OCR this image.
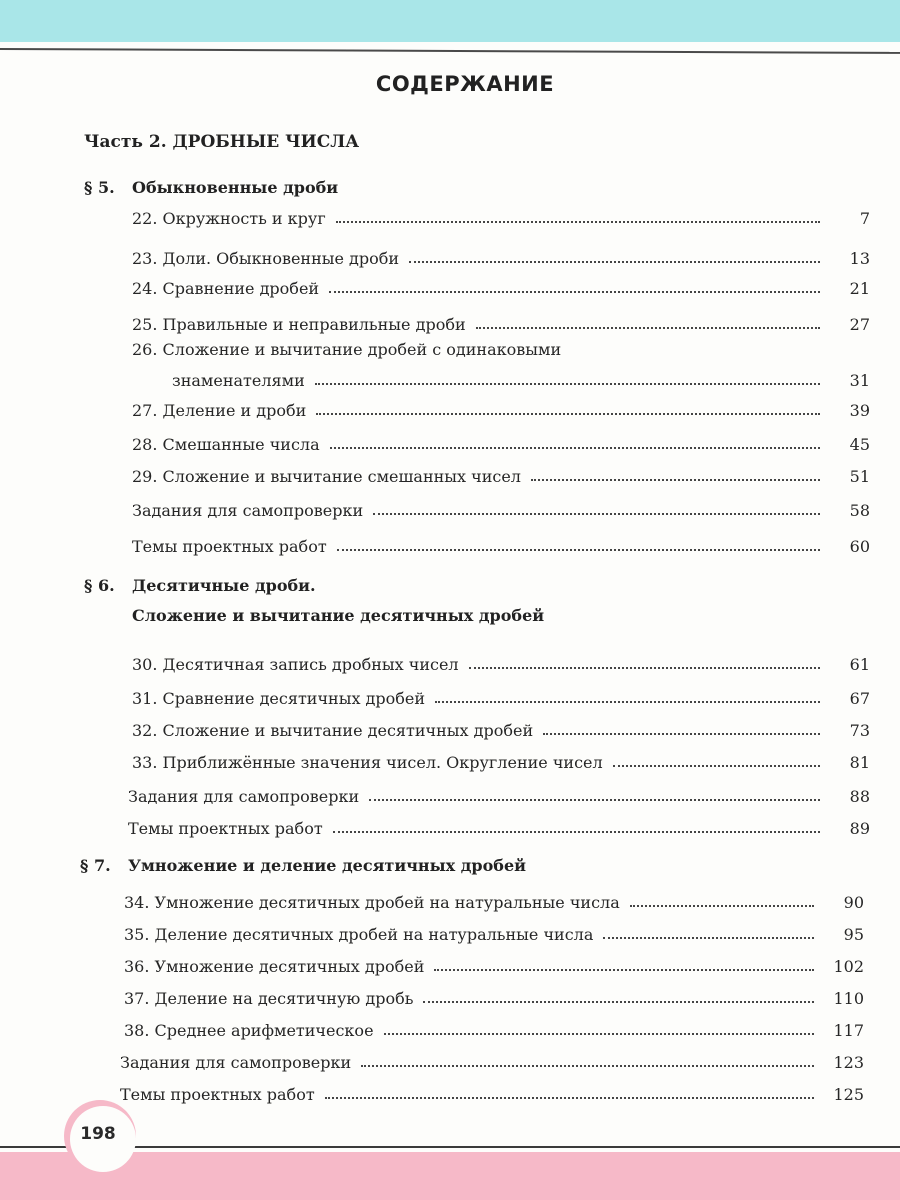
СОДЕРЖАНИЕ
Часть 2. ДРОБНЫЕ ЧИСЛА
§ 5. Обыкновенные дроби
22. Окружность и круг	7
23. Доли. Обыкновенные дроби	13
24. Сравнение дробей	21
25. Правильные и неправильные дроби	27
26. Сложение и вычитание дробей с одинаковыми
знаменателями	31
27. Деление и дроби	39
28. Смешанные числа	45
29. Сложение и вычитание смешанных чисел	51
Задания для самопроверки	58
Темы проектных работ	60
§ 6. Десятичные дроби.
Сложение и вычитание десятичных дробей
30. Десятичная запись дробных чисел	61
31. Сравнение десятичных дробей	67
32. Сложение и вычитание десятичных дробей	73
33. Приближённые значения чисел. Округление чисел	81
Задания для самопроверки	88
Темы проектных работ	89
§ 7. Умножение и деление десятичных дробей
34. Умножение десятичных дробей на натуральные числа	90
35. Деление десятичных дробей на натуральные числа	95
36. Умножение десятичных дробей	102
37. Деление на десятичную дробь	110
38. Среднее арифметическое	117
Задания для самопроверки	123
Темы проектных работ	125
198
